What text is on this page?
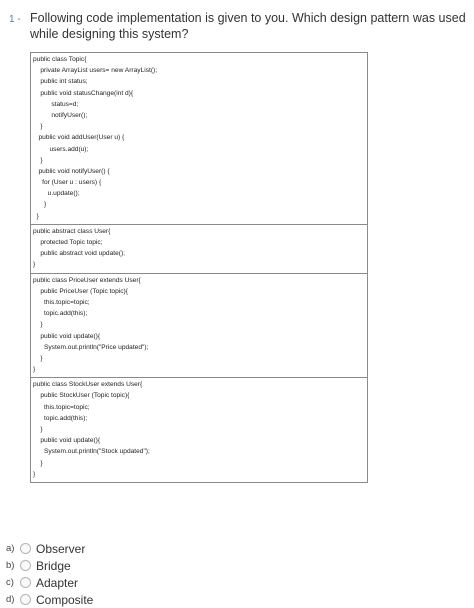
1 - Following code implementation is given to you. Which design pattern was used while designing this system?
public class Topic{
private ArrayList users= new ArrayList();
public int status;
public void statusChange(int d){
status=d;
notifyUser();
}
public void addUser(User u) {
users.add(u);
}
public void notifyUser() {
for (User u : users) {
u.update();
}
}
public abstract class User{
protected Topic topic;
public abstract void update();
}
public class PriceUser extends User{
public PriceUser (Topic topic){
this.topic=topic;
topic.add(this);
}
public void update(){
System.out.println("Price updated");
}
}
public class StockUser extends User{
public StockUser (Topic topic){
this.topic=topic;
topic.add(this);
}
public void update(){
System.out.println("Stock updated");
}
}
a) Observer
b) Bridge
c)	Adapter
d) Composite
